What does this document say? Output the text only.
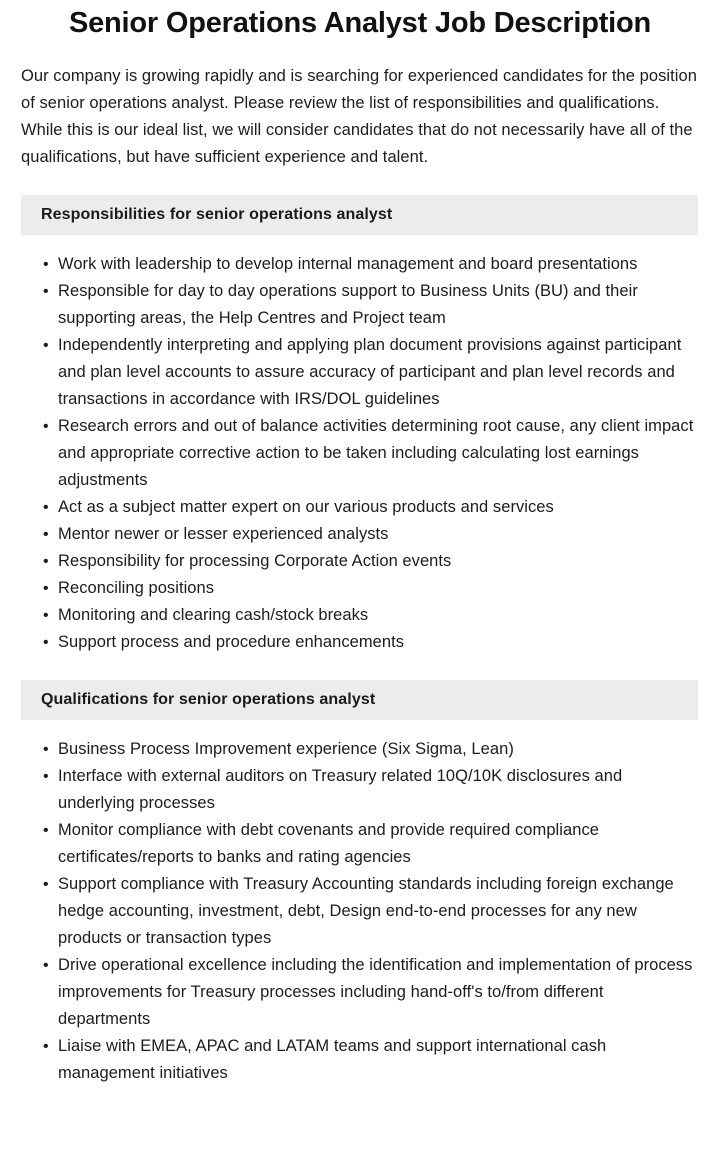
Senior Operations Analyst Job Description

Our company is growing rapidly and is searching for experienced candidates for the position of senior operations analyst. Please review the list of responsibilities and qualifications. While this is our ideal list, we will consider candidates that do not necessarily have all of the qualifications, but have sufficient experience and talent.

Responsibilities for senior operations analyst
• Work with leadership to develop internal management and board presentations
• Responsible for day to day operations support to Business Units (BU) and their supporting areas, the Help Centres and Project team
• Independently interpreting and applying plan document provisions against participant and plan level accounts to assure accuracy of participant and plan level records and transactions in accordance with IRS/DOL guidelines
• Research errors and out of balance activities determining root cause, any client impact and appropriate corrective action to be taken including calculating lost earnings adjustments
• Act as a subject matter expert on our various products and services
• Mentor newer or lesser experienced analysts
• Responsibility for processing Corporate Action events
• Reconciling positions
• Monitoring and clearing cash/stock breaks
• Support process and procedure enhancements
Qualifications for senior operations analyst
• Business Process Improvement experience (Six Sigma, Lean)
• Interface with external auditors on Treasury related 10Q/10K disclosures and underlying processes
• Monitor compliance with debt covenants and provide required compliance certificates/reports to banks and rating agencies
• Support compliance with Treasury Accounting standards including foreign exchange hedge accounting, investment, debt, Design end-to-end processes for any new products or transaction types
• Drive operational excellence including the identification and implementation of process improvements for Treasury processes including hand-off's to/from different departments
• Liaise with EMEA, APAC and LATAM teams and support international cash management initiatives
